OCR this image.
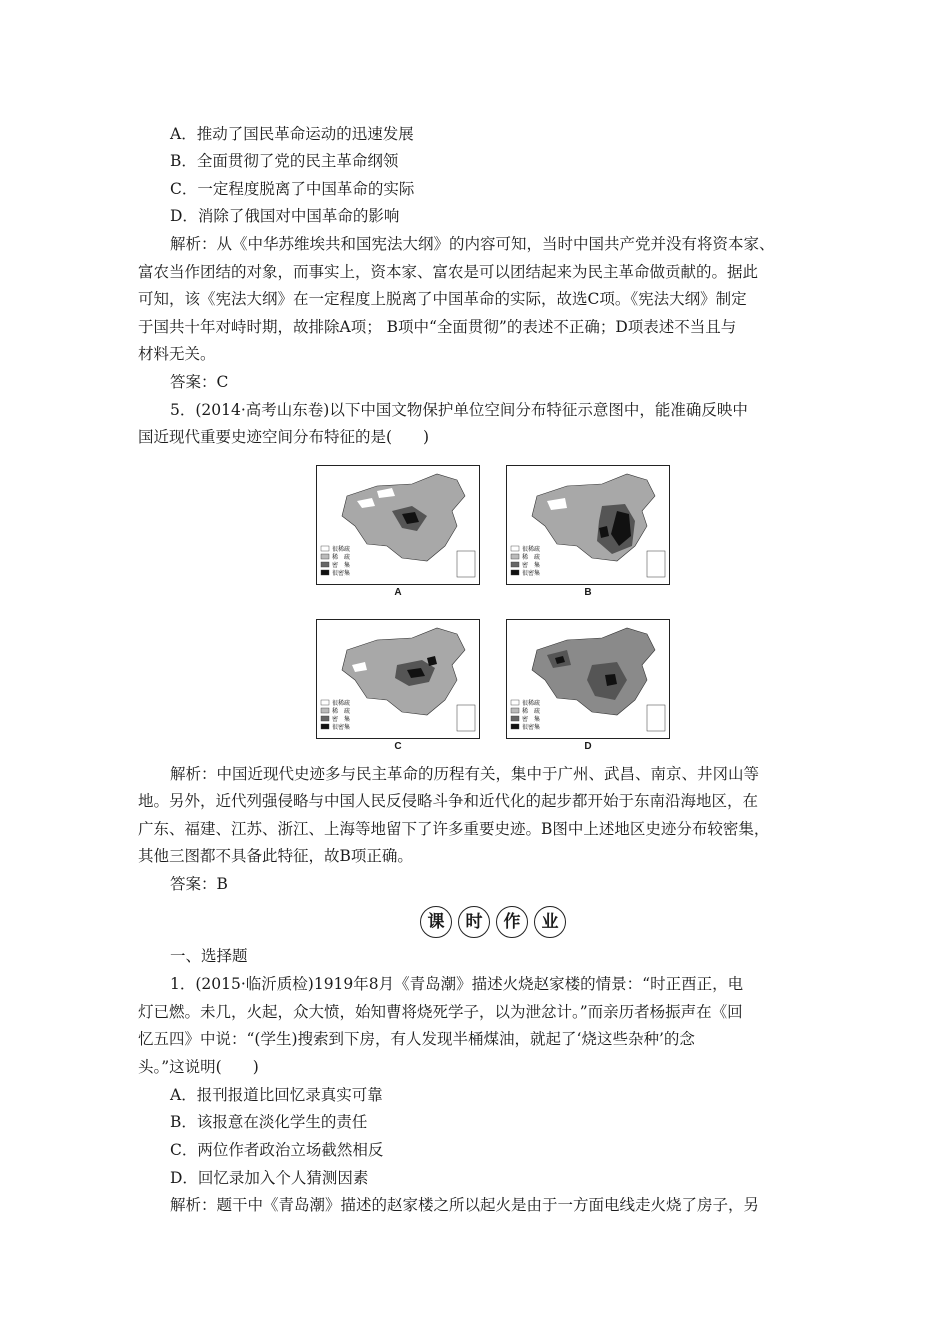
A．推动了国民革命运动的迅速发展
B．全面贯彻了党的民主革命纲领
C．一定程度脱离了中国革命的实际
D．消除了俄国对中国革命的影响
解析：从《中华苏维埃共和国宪法大纲》的内容可知，当时中国共产党并没有将资本家、
富农当作团结的对象，而事实上，资本家、富农是可以团结起来为民主革命做贡献的。据此
可知，该《宪法大纲》在一定程度上脱离了中国革命的实际，故选C项。《宪法大纲》制定
于国共十年对峙时期，故排除A项； B项中“全面贯彻”的表述不正确；D项表述不当且与
材料无关。
答案：C
5．(2014·高考山东卷)以下中国文物保护单位空间分布特征示意图中，能准确反映中
国近现代重要史迹空间分布特征的是(　　)
很稀疏
稀　疏
密　集
很密集
A
很稀疏
稀　疏
密　集
很密集
B
很稀疏
稀　疏
密　集
很密集
C
很稀疏
稀　疏
密　集
很密集
D
解析：中国近现代史迹多与民主革命的历程有关，集中于广州、武昌、南京、井冈山等
地。另外，近代列强侵略与中国人民反侵略斗争和近代化的起步都开始于东南沿海地区，在
广东、福建、江苏、浙江、上海等地留下了许多重要史迹。B图中上述地区史迹分布较密集，
其他三图都不具备此特征，故B项正确。
答案：B
课	时	作	业
一、选择题
1．(2015·临沂质检)1919年8月《青岛潮》描述火烧赵家楼的情景：“时正酉正，电
灯已燃。未几，火起，众大愤，始知曹将烧死学子，以为泄忿计。”而亲历者杨振声在《回
忆五四》中说：“(学生)搜索到下房，有人发现半桶煤油，就起了‘烧这些杂种’的念
头。”这说明(　　)
A．报刊报道比回忆录真实可靠
B．该报意在淡化学生的责任
C．两位作者政治立场截然相反
D．回忆录加入个人猜测因素
解析：题干中《青岛潮》描述的赵家楼之所以起火是由于一方面电线走火烧了房子，另
